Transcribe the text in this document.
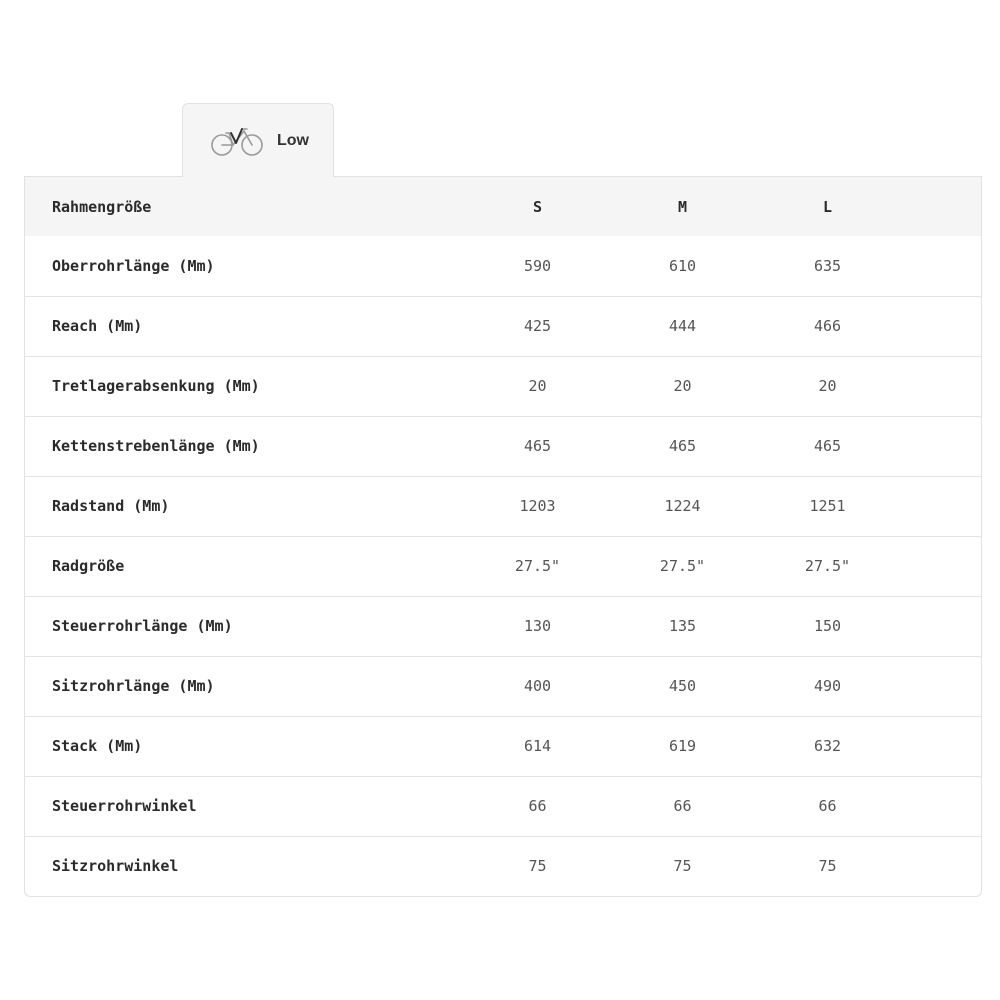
Low
Rahmengröße	S	M	L	
Oberrohrlänge (Mm)	590	610	635	
Reach (Mm)	425	444	466	
Tretlagerabsenkung (Mm)	20	20	20	
Kettenstrebenlänge (Mm)	465	465	465	
Radstand (Mm)	1203	1224	1251	
Radgröße	27.5"	27.5"	27.5"	
Steuerrohrlänge (Mm)	130	135	150	
Sitzrohrlänge (Mm)	400	450	490	
Stack (Mm)	614	619	632	
Steuerrohrwinkel	66	66	66	
Sitzrohrwinkel	75	75	75	
